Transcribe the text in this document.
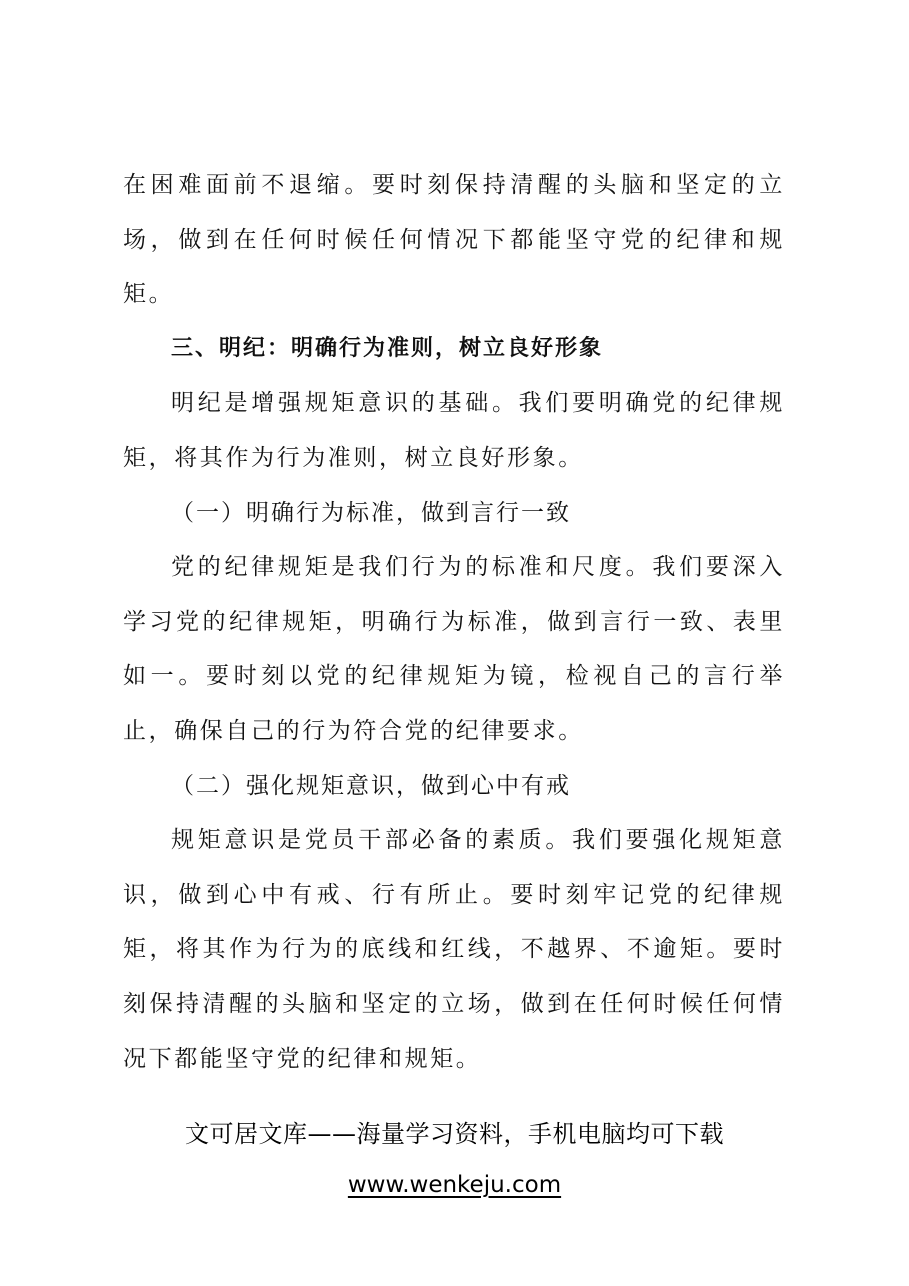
在困难面前不退缩。要时刻保持清醒的头脑和坚定的立场，做到在任何时候任何情况下都能坚守党的纪律和规矩。

三、明纪：明确行为准则，树立良好形象

明纪是增强规矩意识的基础。我们要明确党的纪律规矩，将其作为行为准则，树立良好形象。

（一）明确行为标准，做到言行一致

党的纪律规矩是我们行为的标准和尺度。我们要深入学习党的纪律规矩，明确行为标准，做到言行一致、表里如一。要时刻以党的纪律规矩为镜，检视自己的言行举止，确保自己的行为符合党的纪律要求。

（二）强化规矩意识，做到心中有戒

规矩意识是党员干部必备的素质。我们要强化规矩意识，做到心中有戒、行有所止。要时刻牢记党的纪律规矩，将其作为行为的底线和红线，不越界、不逾矩。要时刻保持清醒的头脑和坚定的立场，做到在任何时候任何情况下都能坚守党的纪律和规矩。

文可居文库——海量学习资料，手机电脑均可下载
www.wenkeju.com
